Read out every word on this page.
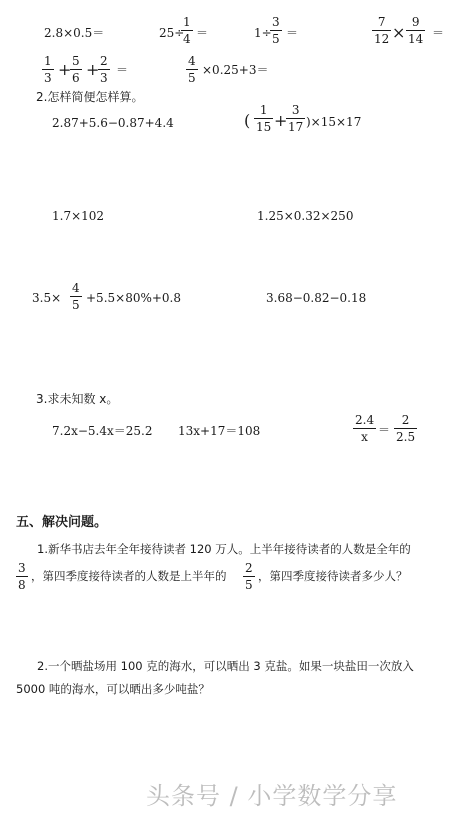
2.8×0.5＝	25÷
1
4 ＝	1÷
3
5 ＝
7
12 ×
9
14 ＝
1
3 + 5
6 + 2
3
＝
4
5
×0.25+3＝
2.怎样简便怎样算。
2.87+5.6−0.87+4.4	(
1
15 +
3
17 )×15×17
1.7×102	1.25×0.32×250
3.5×
4
5 +5.5×80%+0.8	3.68−0.82−0.18
3.求未知数 x。
7.2x−5.4x＝25.2 13x+17＝108
2.4
x ＝
2
2.5
五、解决问题。
1.新华书店去年全年接待读者 120 万人。上半年接待读者的人数是全年的
3
8
，第四季度接待读者的人数是上半年的
2
5
，第四季度接待读者多少人？
2.一个晒盐场用 100 克的海水，可以晒出 3 克盐。如果一块盐田一次放入
5000 吨的海水，可以晒出多少吨盐？
头条号 / 小学数学分享
